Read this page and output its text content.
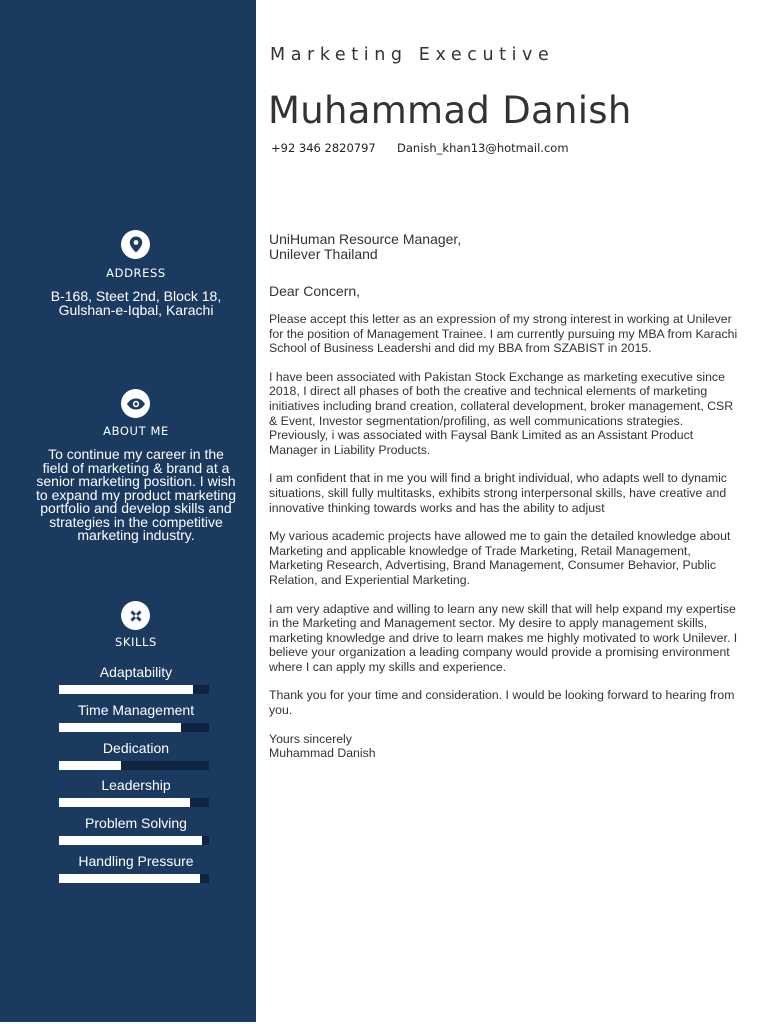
ADDRESS
B-168, Steet 2nd, Block 18,
Gulshan-e-Iqbal, Karachi
ABOUT ME
To continue my career in the field of marketing & brand at a senior marketing position. I wish to expand my product marketing portfolio and develop skills and strategies in the competitive marketing industry.
SKILLS
Adaptability
Time Management
Dedication
Leadership
Problem Solving
Handling Pressure
Marketing Executive
Muhammad Danish
+92 346 2820797 Danish_khan13@hotmail.com
UniHuman Resource Manager,
Unilever Thailand
Dear Concern,

Please accept this letter as an expression of my strong interest in working at Unilever for the position of Management Trainee. I am currently pursuing my MBA from Karachi School of Business Leadershi and did my BBA from SZABIST in 2015.

I have been associated with Pakistan Stock Exchange as marketing executive since 2018, I direct all phases of both the creative and technical elements of marketing initiatives including brand creation, collateral development, broker management, CSR & Event, Investor segmentation/profiling, as well communications strategies. Previously, i was associated with Faysal Bank Limited as an Assistant Product Manager in Liability Products.

I am confident that in me you will find a bright individual, who adapts well to dynamic situations, skill fully multitasks, exhibits strong interpersonal skills, have creative and innovative thinking towards works and has the ability to adjust

My various academic projects have allowed me to gain the detailed knowledge about Marketing and applicable knowledge of Trade Marketing, Retail Management, Marketing Research, Advertising, Brand Management, Consumer Behavior, Public Relation, and Experiential Marketing.

I am very adaptive and willing to learn any new skill that will help expand my expertise in the Marketing and Management sector. My desire to apply management skills, marketing knowledge and drive to learn makes me highly motivated to work Unilever. I believe your organization a leading company would provide a promising environment where I can apply my skills and experience.

Thank you for your time and consideration. I would be looking forward to hearing from you.

Yours sincerely
Muhammad Danish
